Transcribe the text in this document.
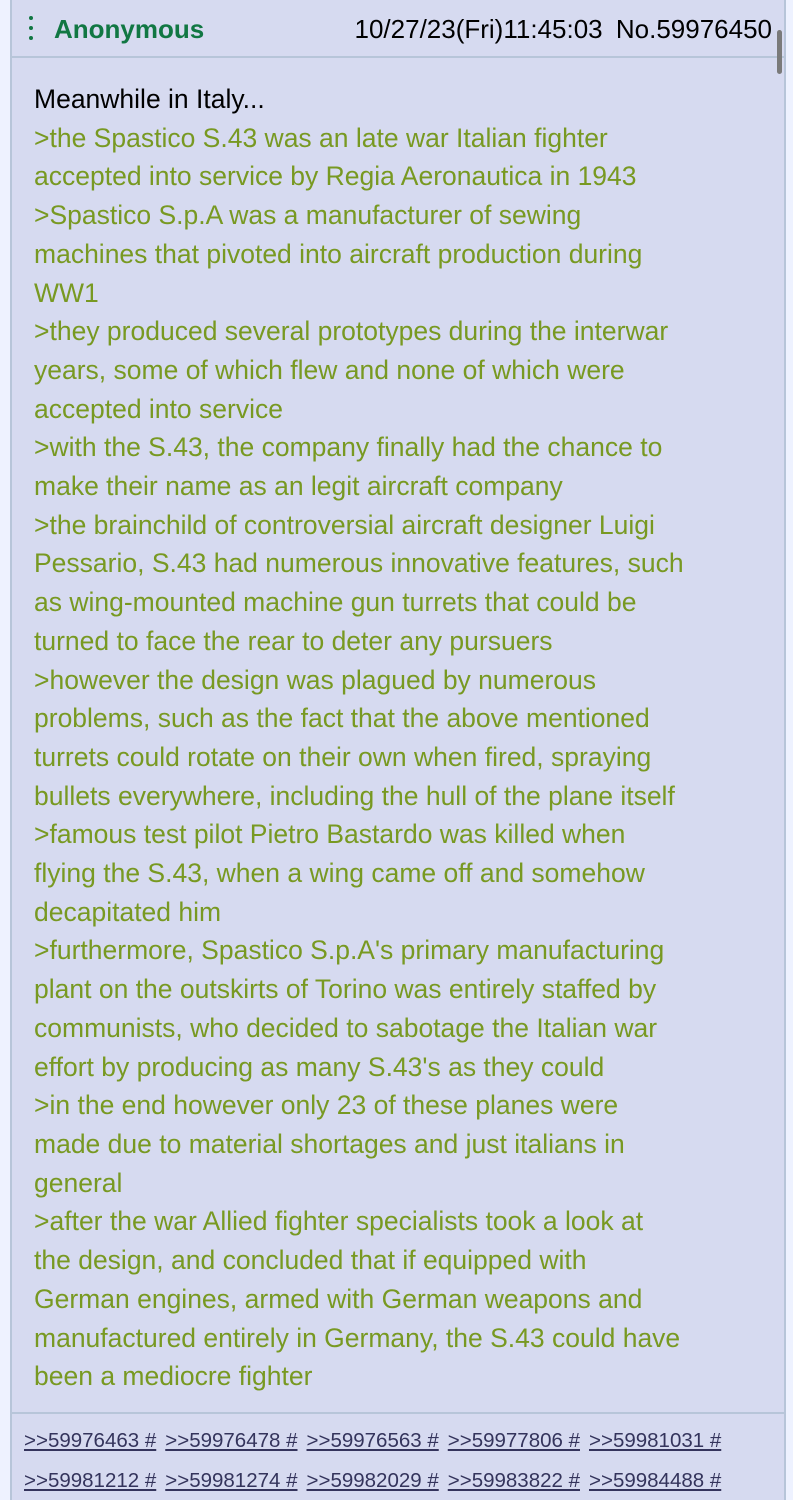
Anonymous	10/27/23(Fri)11:45:03 No.59976450
Meanwhile in Italy...
>the Spastico S.43 was an late war Italian fighter
accepted into service by Regia Aeronautica in 1943
>Spastico S.p.A was a manufacturer of sewing
machines that pivoted into aircraft production during
WW1
>they produced several prototypes during the interwar
years, some of which flew and none of which were
accepted into service
>with the S.43, the company finally had the chance to
make their name as an legit aircraft company
>the brainchild of controversial aircraft designer Luigi
Pessario, S.43 had numerous innovative features, such
as wing-mounted machine gun turrets that could be
turned to face the rear to deter any pursuers
>however the design was plagued by numerous
problems, such as the fact that the above mentioned
turrets could rotate on their own when fired, spraying
bullets everywhere, including the hull of the plane itself
>famous test pilot Pietro Bastardo was killed when
flying the S.43, when a wing came off and somehow
decapitated him
>furthermore, Spastico S.p.A's primary manufacturing
plant on the outskirts of Torino was entirely staffed by
communists, who decided to sabotage the Italian war
effort by producing as many S.43's as they could
>in the end however only 23 of these planes were
made due to material shortages and just italians in
general
>after the war Allied fighter specialists took a look at
the design, and concluded that if equipped with
German engines, armed with German weapons and
manufactured entirely in Germany, the S.43 could have
been a mediocre fighter
>>59976463 # >>59976478 # >>59976563 # >>59977806 # >>59981031 #
>>59981212 # >>59981274 # >>59982029 # >>59983822 # >>59984488 #
